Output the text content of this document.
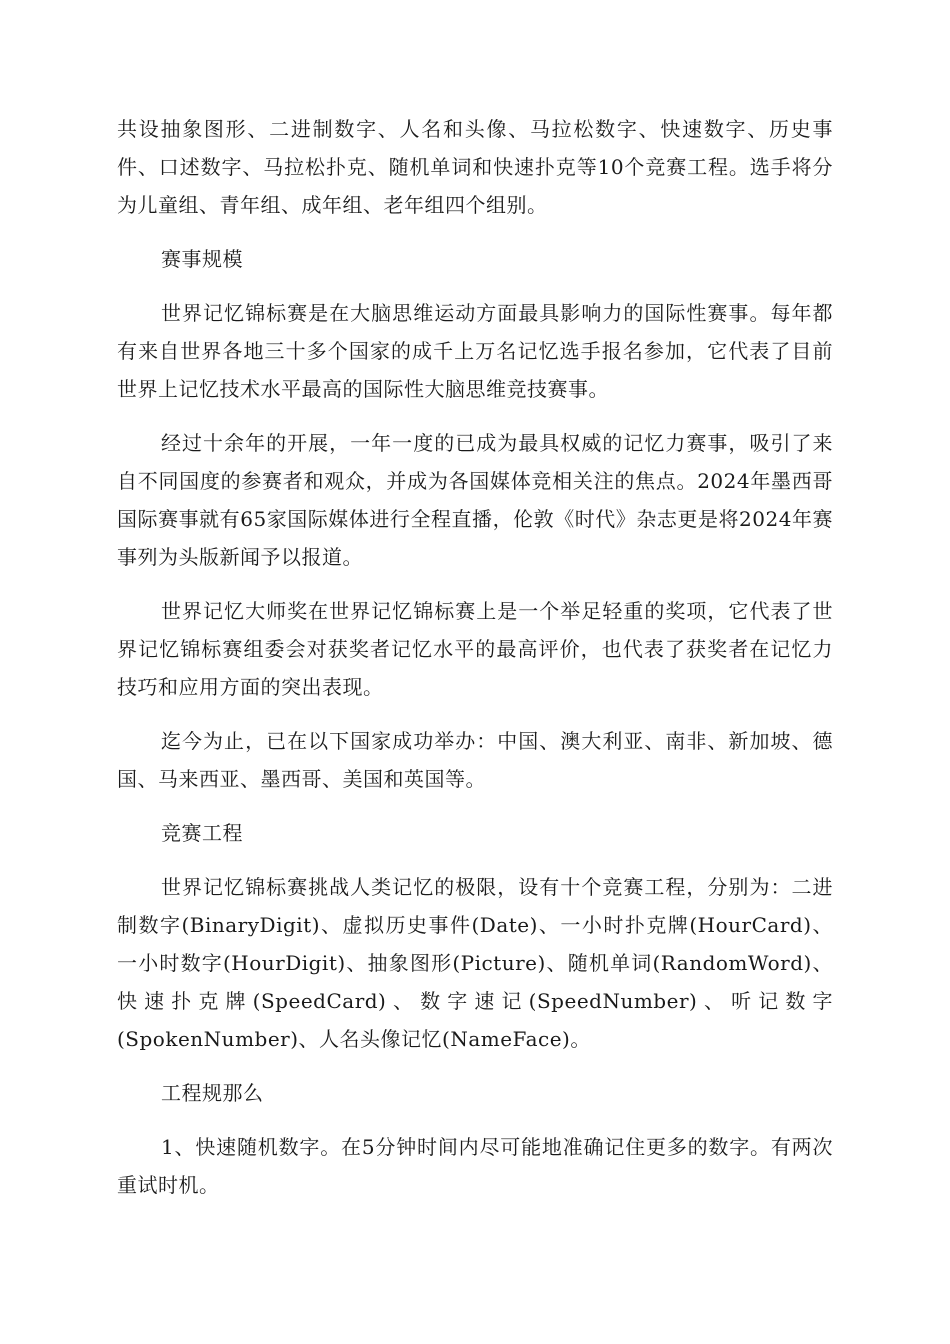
共设抽象图形、二进制数字、人名和头像、马拉松数字、快速数字、历史事件、口述数字、马拉松扑克、随机单词和快速扑克等10个竞赛工程。选手将分为儿童组、青年组、成年组、老年组四个组别。

赛事规模

世界记忆锦标赛是在大脑思维运动方面最具影响力的国际性赛事。每年都有来自世界各地三十多个国家的成千上万名记忆选手报名参加，它代表了目前世界上记忆技术水平最高的国际性大脑思维竞技赛事。

经过十余年的开展，一年一度的已成为最具权威的记忆力赛事，吸引了来自不同国度的参赛者和观众，并成为各国媒体竞相关注的焦点。2024年墨西哥国际赛事就有65家国际媒体进行全程直播，伦敦《时代》杂志更是将2024年赛事列为头版新闻予以报道。

世界记忆大师奖在世界记忆锦标赛上是一个举足轻重的奖项，它代表了世界记忆锦标赛组委会对获奖者记忆水平的最高评价，也代表了获奖者在记忆力技巧和应用方面的突出表现。

迄今为止，已在以下国家成功举办：中国、澳大利亚、南非、新加坡、德国、马来西亚、墨西哥、美国和英国等。

竞赛工程

世界记忆锦标赛挑战人类记忆的极限，设有十个竞赛工程，分别为：二进制数字(BinaryDigit)、虚拟历史事件(Date)、一小时扑克牌(HourCard)、一小时数字(HourDigit)、抽象图形(Picture)、随机单词(RandomWord)、快速扑克牌(SpeedCard)、数字速记(SpeedNumber)、听记数字(SpokenNumber)、人名头像记忆(NameFace)。

工程规那么

1、快速随机数字。在5分钟时间内尽可能地准确记住更多的数字。有两次重试时机。
